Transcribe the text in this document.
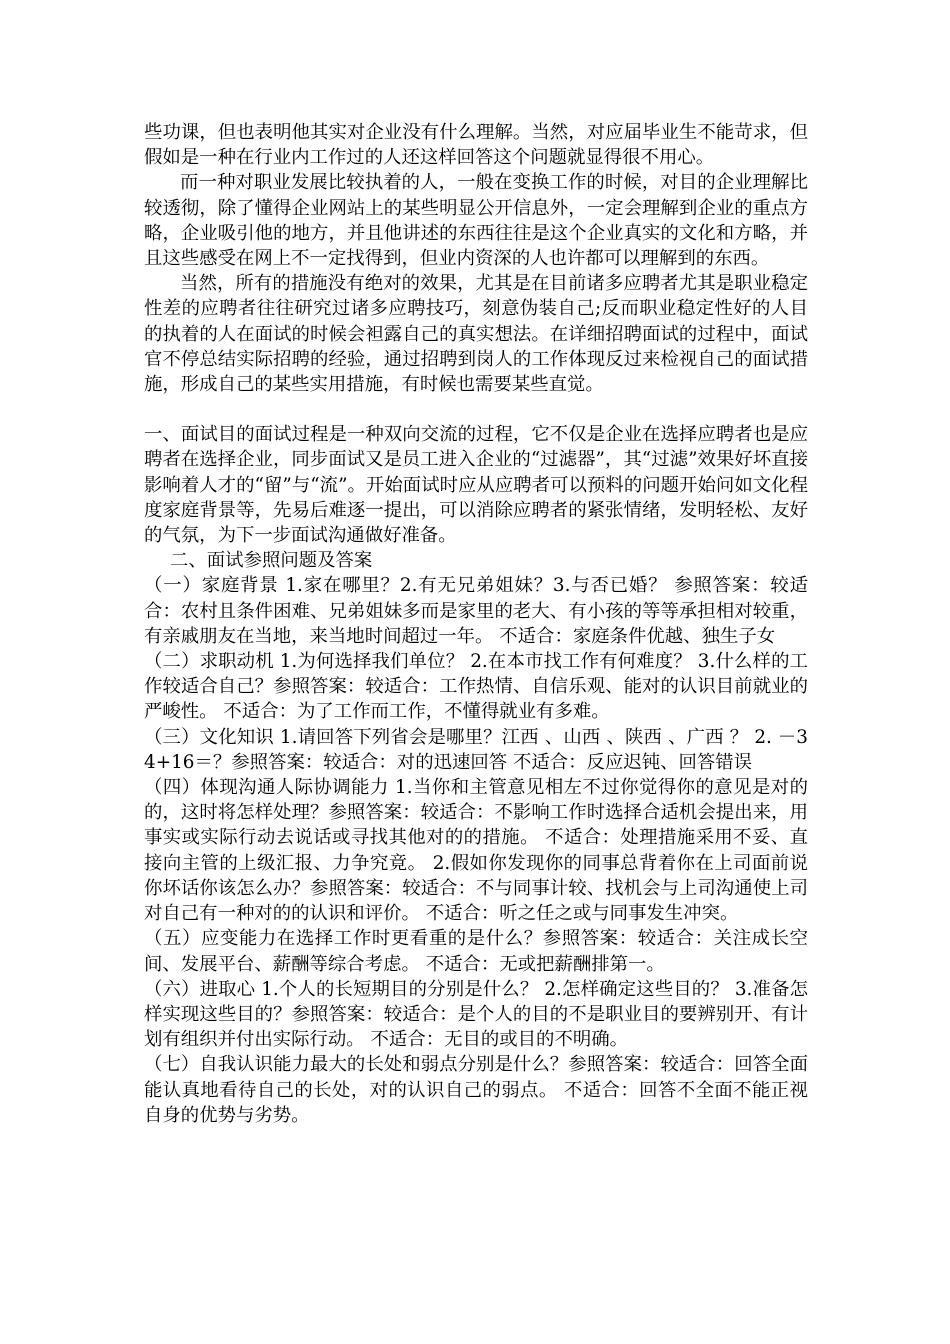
些功课，但也表明他其实对企业没有什么理解。当然，对应届毕业生不能苛求，但假如是一种在行业内工作过的人还这样回答这个问题就显得很不用心。

而一种对职业发展比较执着的人，一般在变换工作的时候，对目的企业理解比较透彻，除了懂得企业网站上的某些明显公开信息外，一定会理解到企业的重点方略，企业吸引他的地方，并且他讲述的东西往往是这个企业真实的文化和方略，并且这些感受在网上不一定找得到，但业内资深的人也许都可以理解到的东西。

当然，所有的措施没有绝对的效果，尤其是在目前诸多应聘者尤其是职业稳定性差的应聘者往往研究过诸多应聘技巧，刻意伪装自己;反而职业稳定性好的人目的执着的人在面试的时候会袒露自己的真实想法。在详细招聘面试的过程中，面试官不停总结实际招聘的经验，通过招聘到岗人的工作体现反过来检视自己的面试措施，形成自己的某些实用措施，有时候也需要某些直觉。

一、面试目的面试过程是一种双向交流的过程，它不仅是企业在选择应聘者也是应聘者在选择企业，同步面试又是员工进入企业的“过滤器”，其“过滤”效果好坏直接影响着人才的“留”与“流”。开始面试时应从应聘者可以预料的问题开始问如文化程度家庭背景等，先易后难逐一提出，可以消除应聘者的紧张情绪，发明轻松、友好的气氛，为下一步面试沟通做好准备。

二、面试参照问题及答案

（一）家庭背景 1.家在哪里？2.有无兄弟姐妹？3.与否已婚？ 参照答案：较适合：农村且条件困难、兄弟姐妹多而是家里的老大、有小孩的等等承担相对较重，有亲戚朋友在当地，来当地时间超过一年。 不适合：家庭条件优越、独生子女

（二）求职动机 1.为何选择我们单位？ 2.在本市找工作有何难度？ 3.什么样的工作较适合自己？参照答案：较适合：工作热情、自信乐观、能对的认识目前就业的严峻性。 不适合：为了工作而工作，不懂得就业有多难。

（三）文化知识 1.请回答下列省会是哪里？江西 、山西 、陕西 、广西 ？ 2. －34+16＝？参照答案：较适合：对的迅速回答 不适合：反应迟钝、回答错误

（四）体现沟通人际协调能力 1.当你和主管意见相左不过你觉得你的意见是对的的，这时将怎样处理？参照答案：较适合：不影响工作时选择合适机会提出来，用事实或实际行动去说话或寻找其他对的的措施。 不适合：处理措施采用不妥、直接向主管的上级汇报、力争究竟。 2.假如你发现你的同事总背着你在上司面前说你坏话你该怎么办？参照答案：较适合：不与同事计较、找机会与上司沟通使上司对自己有一种对的的认识和评价。 不适合：听之任之或与同事发生冲突。

（五）应变能力在选择工作时更看重的是什么？参照答案：较适合：关注成长空间、发展平台、薪酬等综合考虑。 不适合：无或把薪酬排第一。

（六）进取心 1.个人的长短期目的分别是什么？ 2.怎样确定这些目的？ 3.准备怎样实现这些目的？参照答案：较适合：是个人的目的不是职业目的要辨别开、有计划有组织并付出实际行动。 不适合：无目的或目的不明确。

（七）自我认识能力最大的长处和弱点分别是什么？参照答案：较适合：回答全面能认真地看待自己的长处，对的认识自己的弱点。 不适合：回答不全面不能正视自身的优势与劣势。
